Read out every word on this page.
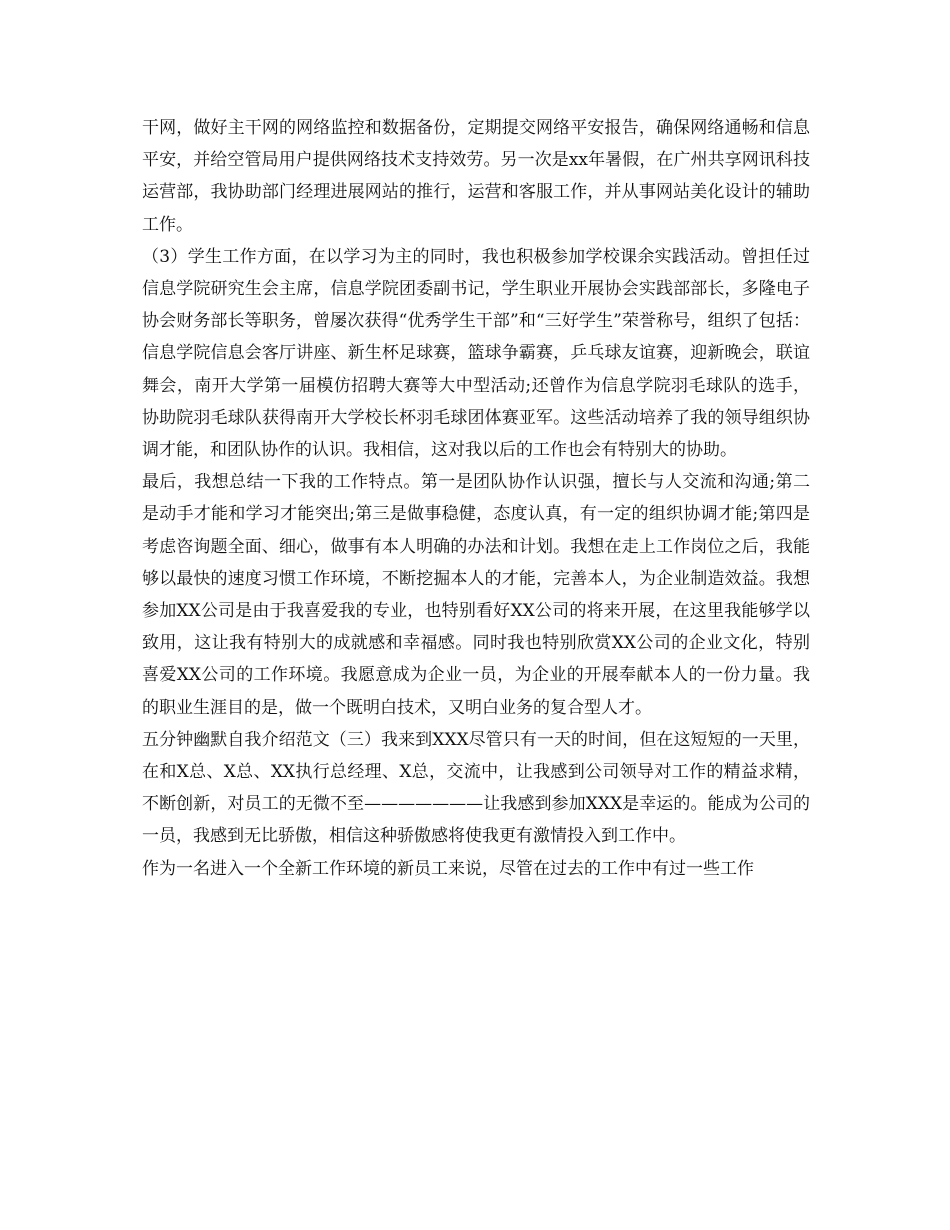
干网，做好主干网的网络监控和数据备份，定期提交网络平安报告，确保网络通畅和信息平安，并给空管局用户提供网络技术支持效劳。另一次是xx年暑假，在广州共享网讯科技运营部，我协助部门经理进展网站的推行，运营和客服工作，并从事网站美化设计的辅助工作。

（3）学生工作方面，在以学习为主的同时，我也积极参加学校课余实践活动。曾担任过信息学院研究生会主席，信息学院团委副书记，学生职业开展协会实践部部长，多隆电子协会财务部长等职务，曾屡次获得“优秀学生干部”和“三好学生”荣誉称号，组织了包括：信息学院信息会客厅讲座、新生杯足球赛，篮球争霸赛，乒乓球友谊赛，迎新晚会，联谊舞会，南开大学第一届模仿招聘大赛等大中型活动;还曾作为信息学院羽毛球队的选手，协助院羽毛球队获得南开大学校长杯羽毛球团体赛亚军。这些活动培养了我的领导组织协调才能，和团队协作的认识。我相信，这对我以后的工作也会有特别大的协助。

最后，我想总结一下我的工作特点。第一是团队协作认识强，擅长与人交流和沟通;第二是动手才能和学习才能突出;第三是做事稳健，态度认真，有一定的组织协调才能;第四是考虑咨询题全面、细心，做事有本人明确的办法和计划。我想在走上工作岗位之后，我能够以最快的速度习惯工作环境，不断挖掘本人的才能，完善本人，为企业制造效益。我想参加XX公司是由于我喜爱我的专业，也特别看好XX公司的将来开展，在这里我能够学以致用，这让我有特别大的成就感和幸福感。同时我也特别欣赏XX公司的企业文化，特别喜爱XX公司的工作环境。我愿意成为企业一员，为企业的开展奉献本人的一份力量。我的职业生涯目的是，做一个既明白技术，又明白业务的复合型人才。

五分钟幽默自我介绍范文（三）我来到XXX尽管只有一天的时间，但在这短短的一天里，在和X总、X总、XX执行总经理、X总，交流中，让我感到公司领导对工作的精益求精，不断创新，对员工的无微不至———————让我感到参加XXX是幸运的。能成为公司的一员，我感到无比骄傲，相信这种骄傲感将使我更有激情投入到工作中。

作为一名进入一个全新工作环境的新员工来说，尽管在过去的工作中有过一些工作
